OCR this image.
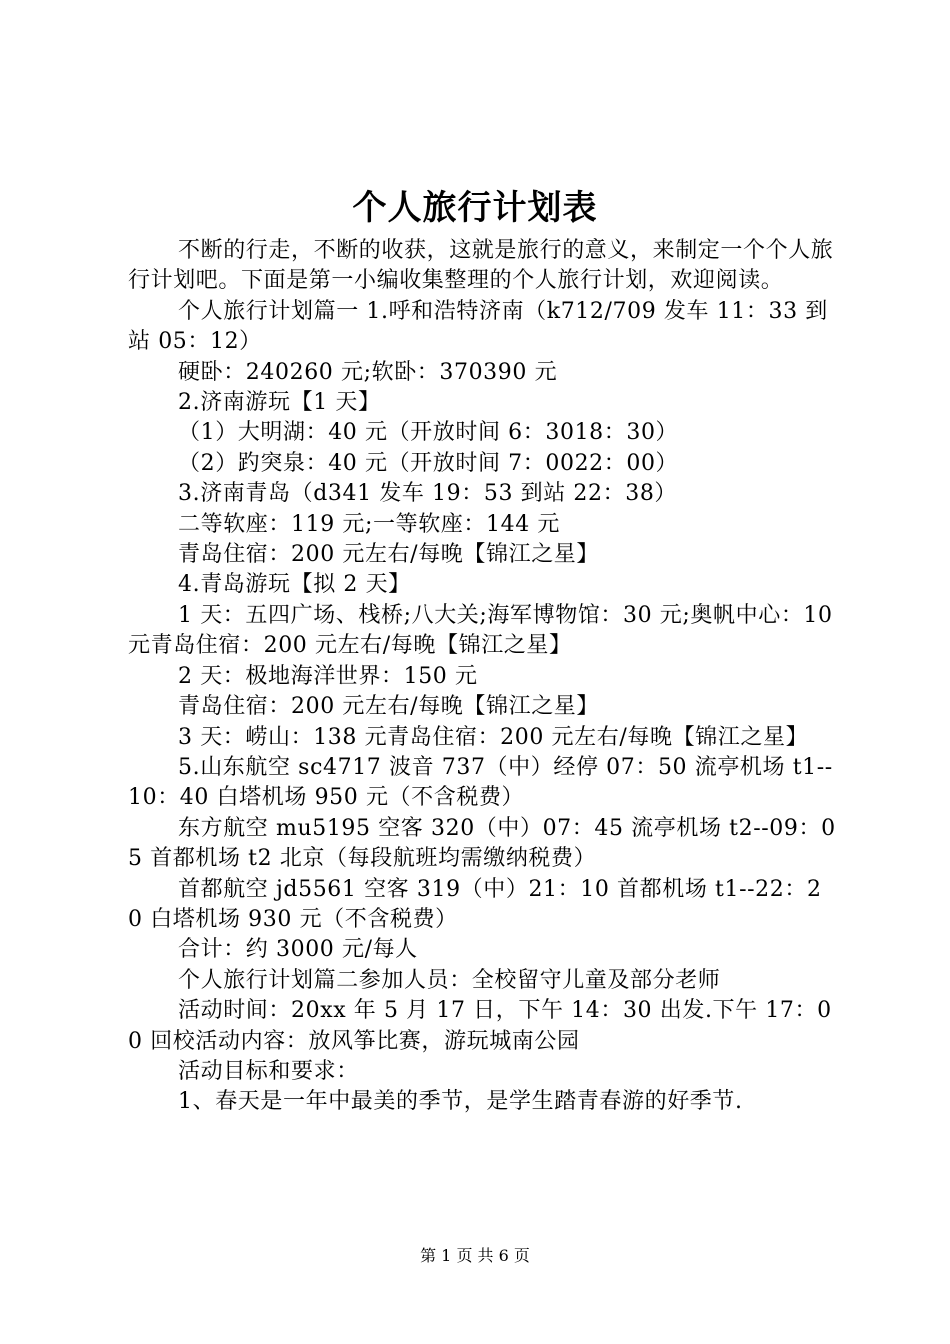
个人旅行计划表

不断的行走，不断的收获，这就是旅行的意义，来制定一个个人旅行计划吧。下面是第一小编收集整理的个人旅行计划，欢迎阅读。

个人旅行计划篇一 1.呼和浩特济南（k712/709 发车 11：33 到站 05：12）

硬卧：240260 元;软卧：370390 元

2.济南游玩【1 天】

（1）大明湖：40 元（开放时间 6：3018：30）

（2）趵突泉：40 元（开放时间 7：0022：00）

3.济南青岛（d341 发车 19：53 到站 22：38）

二等软座：119 元;一等软座：144 元

青岛住宿：200 元左右/每晚【锦江之星】

4.青岛游玩【拟 2 天】

1 天：五四广场、栈桥;八大关;海军博物馆：30 元;奥帆中心：10 元青岛住宿：200 元左右/每晚【锦江之星】

2 天：极地海洋世界：150 元

青岛住宿：200 元左右/每晚【锦江之星】

3 天：崂山：138 元青岛住宿：200 元左右/每晚【锦江之星】

5.山东航空 sc4717 波音 737（中）经停 07：50 流亭机场 t1--10：40 白塔机场 950 元（不含税费）

东方航空 mu5195 空客 320（中）07：45 流亭机场 t2--09：05 首都机场 t2 北京（每段航班均需缴纳税费）

首都航空 jd5561 空客 319（中）21：10 首都机场 t1--22：20 白塔机场 930 元（不含税费）

合计：约 3000 元/每人

个人旅行计划篇二参加人员：全校留守儿童及部分老师

活动时间：20xx 年 5 月 17 日，下午 14：30 出发.下午 17：00 回校活动内容：放风筝比赛，游玩城南公园

活动目标和要求：

1、春天是一年中最美的季节，是学生踏青春游的好季节.

第 1 页 共 6 页
